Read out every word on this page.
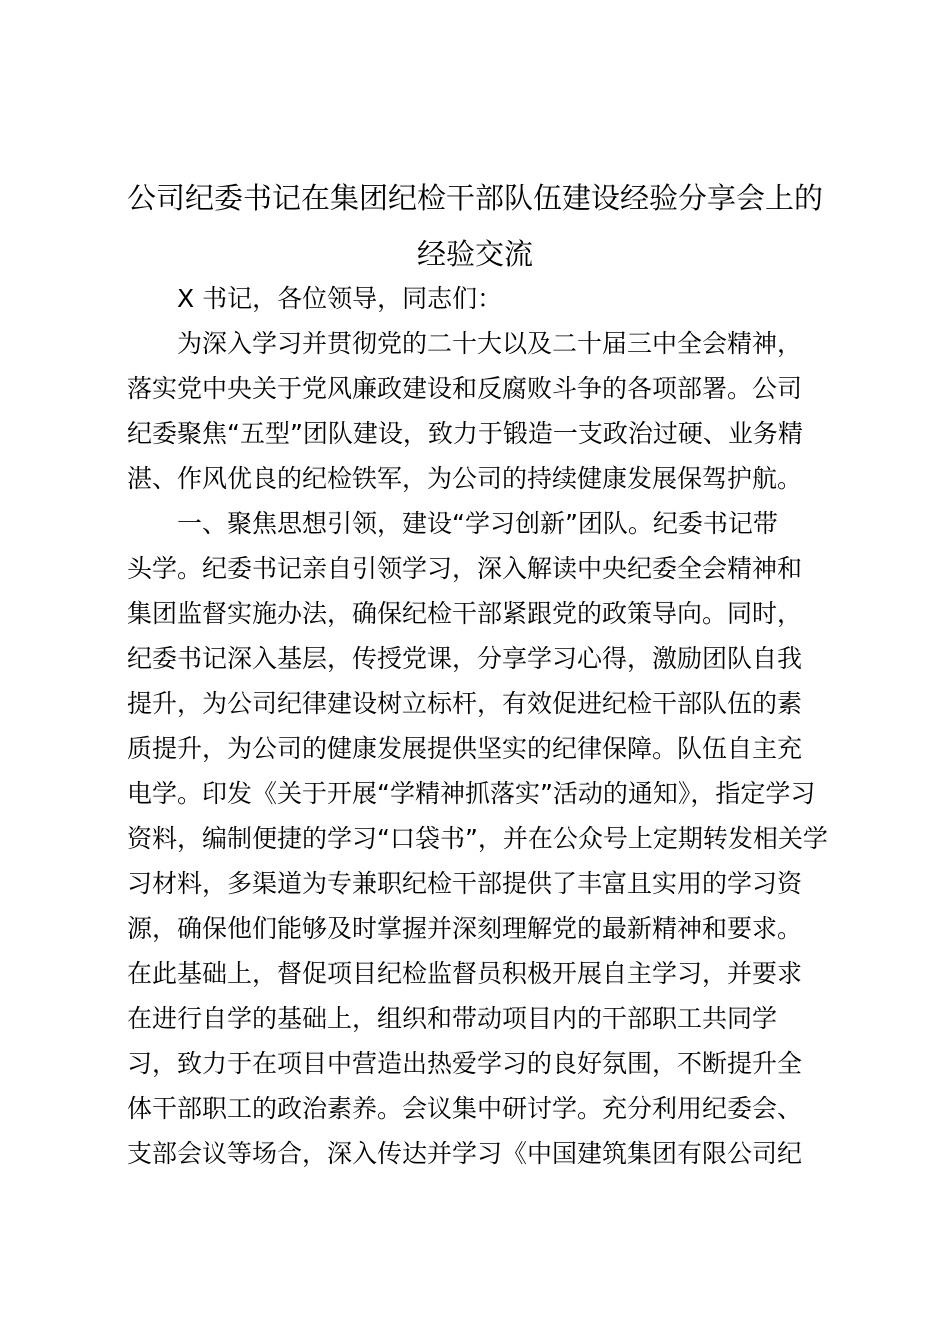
公司纪委书记在集团纪检干部队伍建设经验分享会上的
经验交流
X 书记，各位领导，同志们：
为深入学习并贯彻党的二十大以及二十届三中全会精神，
落实党中央关于党风廉政建设和反腐败斗争的各项部署。公司
纪委聚焦“五型”团队建设，致力于锻造一支政治过硬、业务精
湛、作风优良的纪检铁军，为公司的持续健康发展保驾护航。
一、聚焦思想引领，建设“学习创新”团队。纪委书记带
头学。纪委书记亲自引领学习，深入解读中央纪委全会精神和
集团监督实施办法，确保纪检干部紧跟党的政策导向。同时，
纪委书记深入基层，传授党课，分享学习心得，激励团队自我
提升，为公司纪律建设树立标杆，有效促进纪检干部队伍的素
质提升，为公司的健康发展提供坚实的纪律保障。队伍自主充
电学。印发《关于开展“学精神抓落实”活动的通知》，指定学习
资料，编制便捷的学习“口袋书”，并在公众号上定期转发相关学
习材料，多渠道为专兼职纪检干部提供了丰富且实用的学习资
源，确保他们能够及时掌握并深刻理解党的最新精神和要求。
在此基础上，督促项目纪检监督员积极开展自主学习，并要求
在进行自学的基础上，组织和带动项目内的干部职工共同学
习，致力于在项目中营造出热爱学习的良好氛围，不断提升全
体干部职工的政治素养。会议集中研讨学。充分利用纪委会、
支部会议等场合，深入传达并学习《中国建筑集团有限公司纪
